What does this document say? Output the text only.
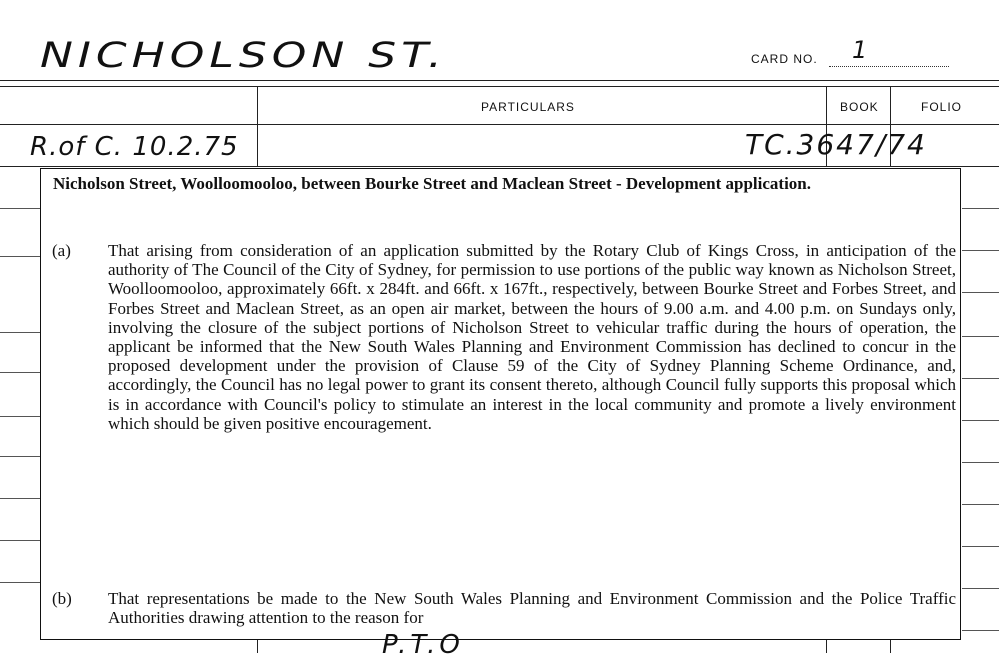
NICHOLSON ST.	CARD NO. 1
PARTICULARS	BOOK	FOLIO
R.of C. 10.2.75	TC.3647/74
Nicholson Street, Woolloomooloo, between Bourke Street and Maclean Street - Development application.
(a) That arising from consideration of an application submitted by the Rotary Club of Kings Cross, in anticipation of the authority of The Council of the City of Sydney, for permission to use portions of the public way known as Nicholson Street, Woolloomooloo, approximately 66ft. x 284ft. and 66ft. x 167ft., respectively, between Bourke Street and Forbes Street, and Forbes Street and Maclean Street, as an open air market, between the hours of 9.00 a.m. and 4.00 p.m. on Sundays only, involving the closure of the subject portions of Nicholson Street to vehicular traffic during the hours of operation, the applicant be informed that the New South Wales Planning and Environment Commission has declined to concur in the proposed development under the provision of Clause 59 of the City of Sydney Planning Scheme Ordinance, and, accordingly, the Council has no legal power to grant its consent thereto, although Council fully supports this proposal which is in accordance with Council's policy to stimulate an interest in the local community and promote a lively environment which should be given positive encouragement.
(b) That representations be made to the New South Wales Planning and Environment Commission and the Police Traffic Authorities drawing attention to the reason for
P.T.O
